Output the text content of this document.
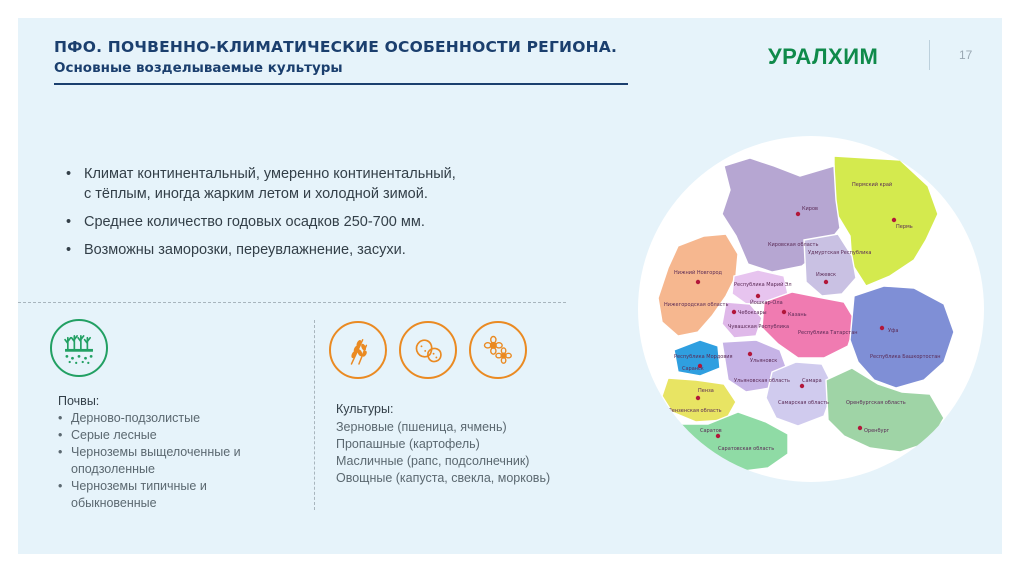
ПФО. ПОЧВЕННО-КЛИМАТИЧЕСКИЕ ОСОБЕННОСТИ РЕГИОНА.
Основные возделываемые культуры	УРАЛХИМ	17
• Климат континентальный, умеренно континентальный,
с тёплым, иногда жарким летом и холодной зимой.
• Среднее количество годовых осадков 250-700 мм.
• Возможны заморозки, переувлажнение, засухи.
Почвы:
• Дерново-подзолистые
• Серые лесные
• Черноземы выщелоченные и оподзоленные
• Черноземы типичные и обыкновенные
Культуры:
Зерновые (пшеница, ячмень)
Пропашные (картофель)
Масличные (рапс, подсолнечник)
Овощные (капуста, свекла, морковь)
Пермский край
Пермь
Киров
Кировская область
Удмуртская Республика
Ижевск
Нижний Новгород
Нижегородская область
Республика Марий Эл
Йошкар-Ола
Чебоксары
Чувашская Республика
Казань
Республика Татарстан	Уфа
Республика Башкортостан
Республика Мордовия
Саранск
Ульяновск
Ульяновская область
Пенза
Пензенская область
Самара
Самарская область	Оренбургская область
Оренбург
Саратов
Саратовская область
